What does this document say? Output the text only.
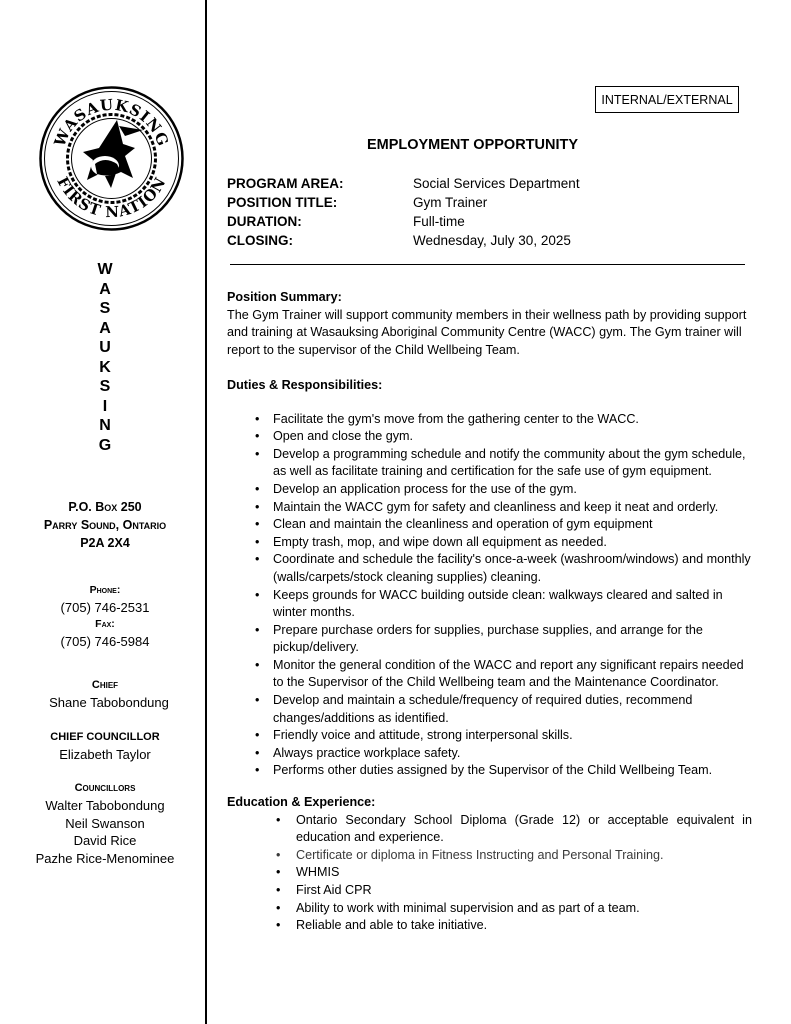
WASAUKSING
FIRST NATION
W
A
S
A
U
K
S
I
N
G
P.O. Box 250
Parry Sound, Ontario
P2A 2X4
Phone:
(705) 746-2531
Fax:
(705) 746-5984
Chief
Shane Tabobondung
CHIEF COUNCILLOR
Elizabeth Taylor
Councillors
Walter Tabobondung
Neil Swanson
David Rice
Pazhe Rice-Menominee
INTERNAL/EXTERNAL
EMPLOYMENT OPPORTUNITY
PROGRAM AREA:	Social Services Department
POSITION TITLE:	Gym Trainer
DURATION:	Full-time
CLOSING:	Wednesday, July 30, 2025

Position Summary:

The Gym Trainer will support community members in their wellness path by providing support and training at Wasauksing Aboriginal Community Centre (WACC) gym. The Gym trainer will report to the supervisor of the Child Wellbeing Team.

Duties & Responsibilities:

• Facilitate the gym's move from the gathering center to the WACC.
• Open and close the gym.
• Develop a programming schedule and notify the community about the gym schedule, as well as facilitate training and certification for the safe use of gym equipment.
• Develop an application process for the use of the gym.
• Maintain the WACC gym for safety and cleanliness and keep it neat and orderly.
• Clean and maintain the cleanliness and operation of gym equipment
• Empty trash, mop, and wipe down all equipment as needed.
• Coordinate and schedule the facility's once-a-week (washroom/windows) and monthly (walls/carpets/stock cleaning supplies) cleaning.
• Keeps grounds for WACC building outside clean: walkways cleared and salted in winter months.
• Prepare purchase orders for supplies, purchase supplies, and arrange for the pickup/delivery.
• Monitor the general condition of the WACC and report any significant repairs needed to the Supervisor of the Child Wellbeing team and the Maintenance Coordinator.
• Develop and maintain a schedule/frequency of required duties, recommend changes/additions as identified.
• Friendly voice and attitude, strong interpersonal skills.
• Always practice workplace safety.
• Performs other duties assigned by the Supervisor of the Child Wellbeing Team.

Education & Experience:

• Ontario Secondary School Diploma (Grade 12) or acceptable equivalent in education and experience.
• Certificate or diploma in Fitness Instructing and Personal Training.
• WHMIS
• First Aid CPR
• Ability to work with minimal supervision and as part of a team.
• Reliable and able to take initiative.
